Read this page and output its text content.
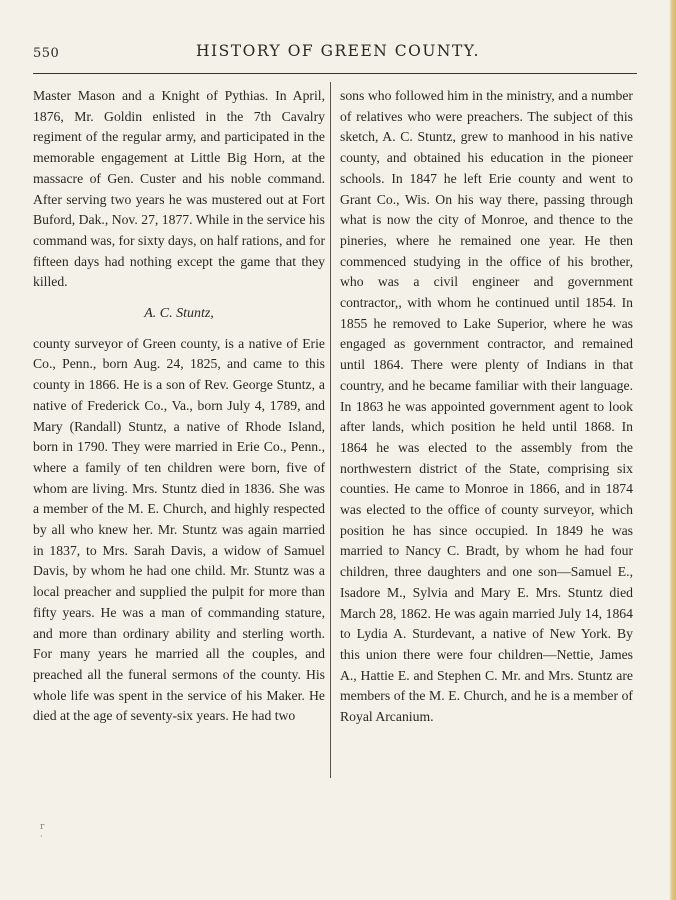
550	HISTORY OF GREEN COUNTY.

Master Mason and a Knight of Pythias. In April, 1876, Mr. Goldin enlisted in the 7th Cavalry regiment of the regular army, and participated in the memorable engagement at Little Big Horn, at the massacre of Gen. Custer and his noble command. After serving two years he was mustered out at Fort Buford, Dak., Nov. 27, 1877. While in the service his command was, for sixty days, on half rations, and for fifteen days had nothing except the game that they killed.

A. C. Stuntz,

county surveyor of Green county, is a native of Erie Co., Penn., born Aug. 24, 1825, and came to this county in 1866. He is a son of Rev. George Stuntz, a native of Frederick Co., Va., born July 4, 1789, and Mary (Randall) Stuntz, a native of Rhode Island, born in 1790. They were married in Erie Co., Penn., where a family of ten children were born, five of whom are living. Mrs. Stuntz died in 1836. She was a member of the M. E. Church, and highly respected by all who knew her. Mr. Stuntz was again married in 1837, to Mrs. Sarah Davis, a widow of Samuel Davis, by whom he had one child. Mr. Stuntz was a local preacher and supplied the pulpit for more than fifty years. He was a man of commanding stature, and more than ordinary ability and sterling worth. For many years he married all the couples, and preached all the funeral sermons of the county. His whole life was spent in the service of his Maker. He died at the age of seventy-six years. He had two

sons who followed him in the ministry, and a number of relatives who were preachers. The subject of this sketch, A. C. Stuntz, grew to manhood in his native county, and obtained his education in the pioneer schools. In 1847 he left Erie county and went to Grant Co., Wis. On his way there, passing through what is now the city of Monroe, and thence to the pineries, where he remained one year. He then commenced studying in the office of his brother, who was a civil engineer and government contractor,, with whom he continued until 1854. In 1855 he removed to Lake Superior, where he was engaged as government contractor, and remained until 1864. There were plenty of Indians in that country, and he became familiar with their language. In 1863 he was appointed government agent to look after lands, which position he held until 1868. In 1864 he was elected to the assembly from the northwestern district of the State, comprising six counties. He came to Monroe in 1866, and in 1874 was elected to the office of county surveyor, which position he has since occupied. In 1849 he was married to Nancy C. Bradt, by whom he had four children, three daughters and one son—Samuel E., Isadore M., Sylvia and Mary E. Mrs. Stuntz died March 28, 1862. He was again married July 14, 1864 to Lydia A. Sturdevant, a native of New York. By this union there were four children—Nettie, James A., Hattie E. and Stephen C. Mr. and Mrs. Stuntz are members of the M. E. Church, and he is a member of Royal Arcanium.

r
·
